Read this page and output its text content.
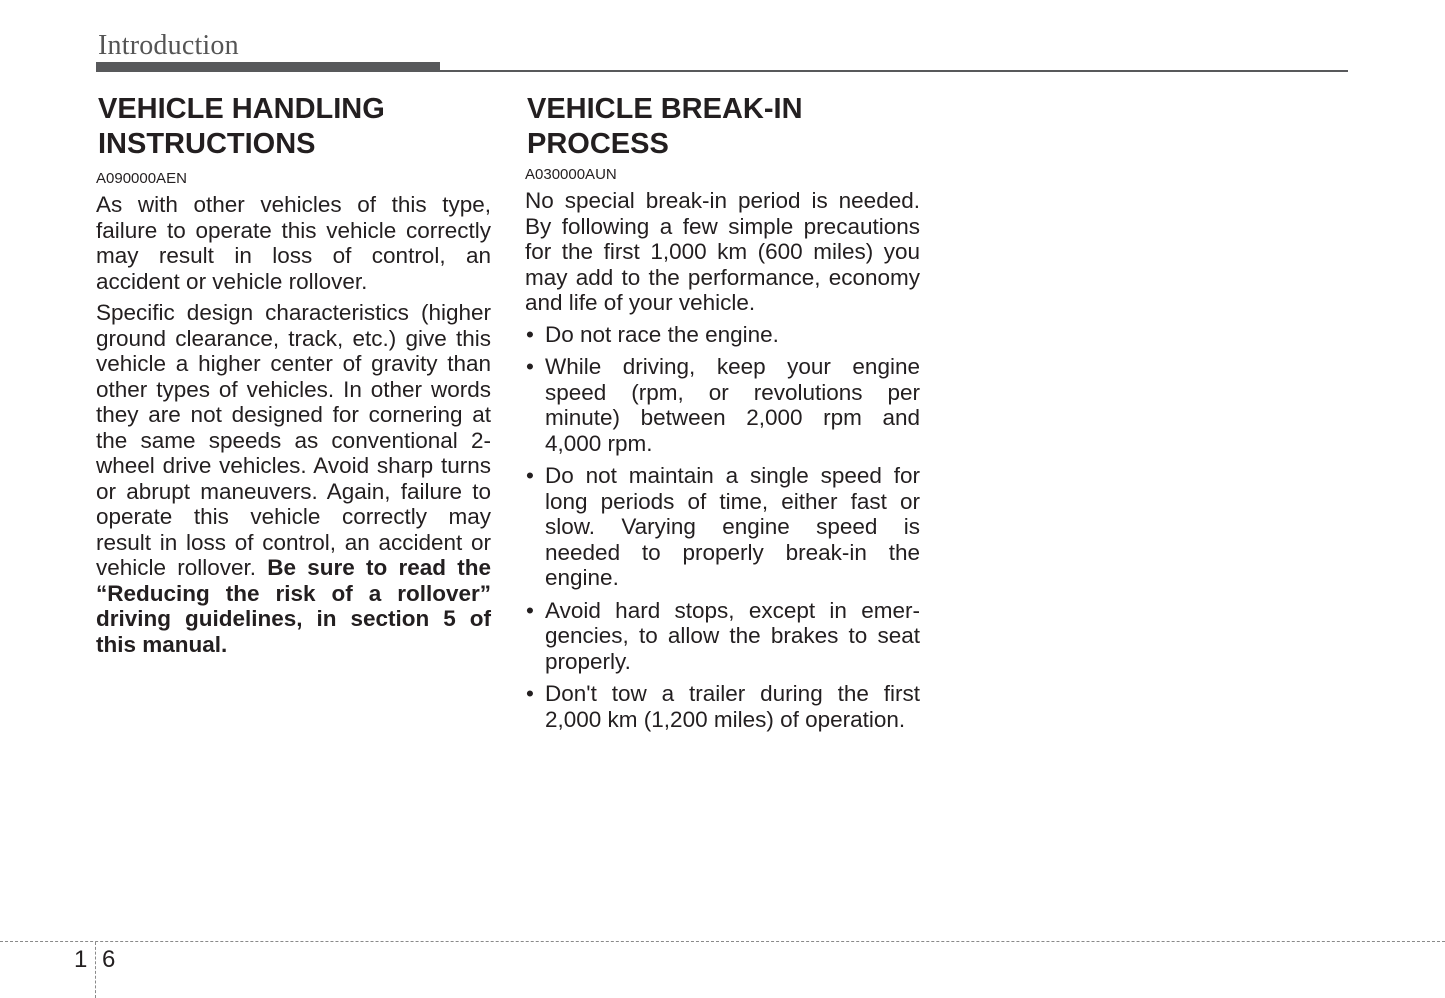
Introduction
VEHICLE HANDLING
INSTRUCTIONS
A090000AEN

As with other vehicles of this type, failure to operate this vehicle correctly may result in loss of control, an accident or vehicle rollover.

Specific design characteristics (higher ground clearance, track, etc.) give this vehicle a higher center of gravity than other types of vehicles. In other words they are not designed for cornering at the same speeds as conventional 2-wheel drive vehicles. Avoid sharp turns or abrupt maneuvers. Again, failure to operate this vehicle correctly may result in loss of control, an accident or vehicle rollover. Be sure to read the “Reducing the risk of a rollover” driving guidelines, in section 5 of this manual.

VEHICLE BREAK-IN
PROCESS
A030000AUN

No special break-in period is needed. By following a few simple precautions for the first 1,000 km (600 miles) you may add to the performance, economy and life of your vehicle.

• Do not race the engine.
• While driving, keep your engine speed (rpm, or revolutions per minute) between 2,000 rpm and 4,000 rpm.
• Do not maintain a single speed for long periods of time, either fast or slow. Varying engine speed is needed to properly break-in the engine.
• Avoid hard stops, except in emergencies, to allow the brakes to seat properly.
• Don't tow a trailer during the first 2,000 km (1,200 miles) of operation.
1 6
